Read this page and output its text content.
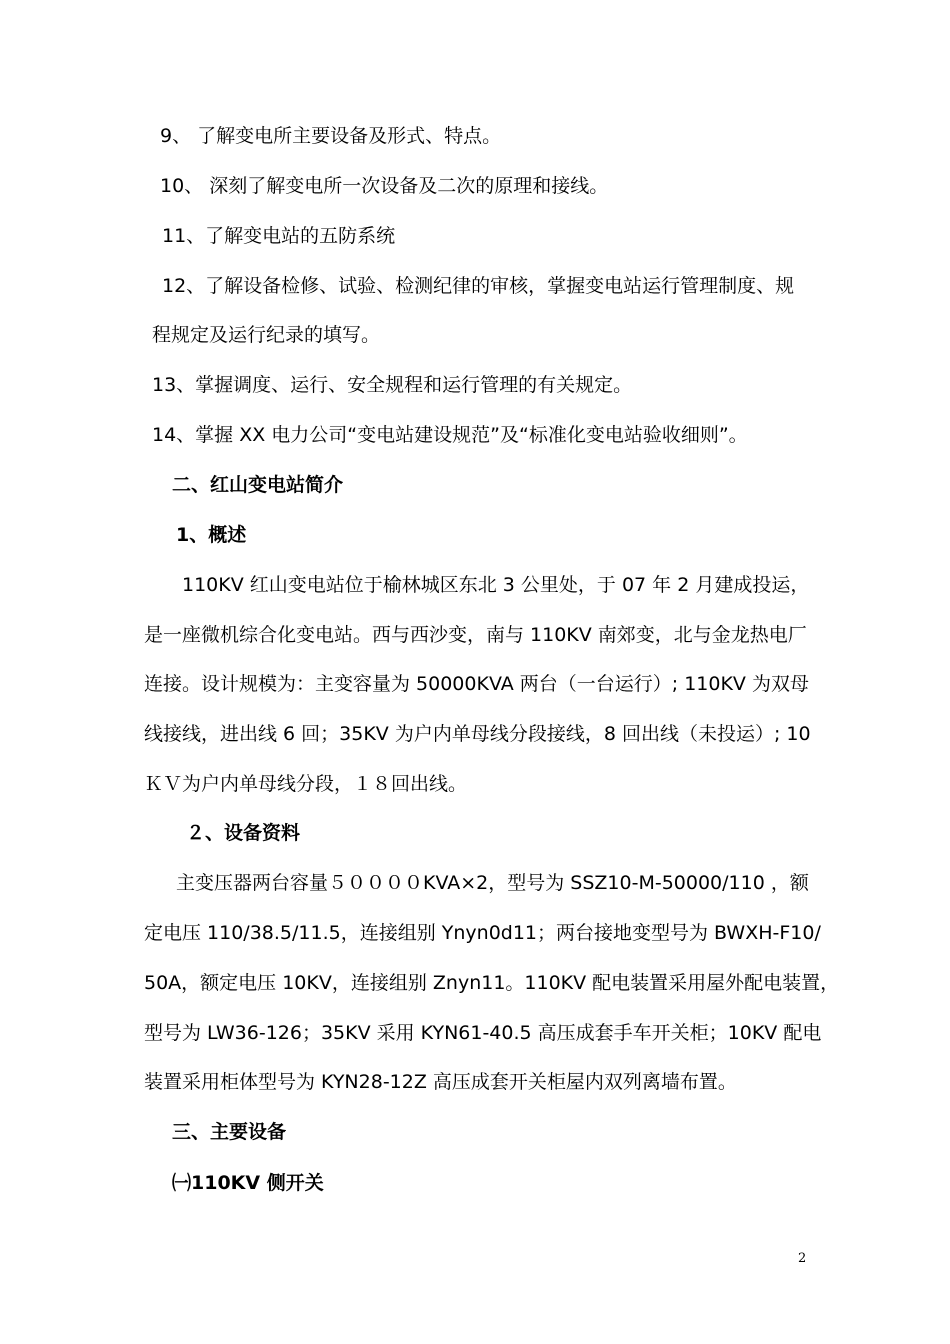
9、 了解变电所主要设备及形式、特点。
10、 深刻了解变电所一次设备及二次的原理和接线。
11、了解变电站的五防系统
12、了解设备检修、试验、检测纪律的审核，掌握变电站运行管理制度、规
程规定及运行纪录的填写。
13、掌握调度、运行、安全规程和运行管理的有关规定。
14、掌握 XX 电力公司“变电站建设规范”及“标准化变电站验收细则”。
二、红山变电站简介
1、概述
110KV 红山变电站位于榆林城区东北 3 公里处，于 07 年 2 月建成投运，
是一座微机综合化变电站。西与西沙变，南与 110KV 南郊变，北与金龙热电厂
连接。设计规模为：主变容量为 50000KVA 两台（一台运行）; 110KV 为双母
线接线，进出线 6 回；35KV 为户内单母线分段接线，8 回出线（未投运）; 10
ＫＶ为户内单母线分段，１８回出线。
２、设备资料
主变压器两台容量５００００KVA×2，型号为 SSZ10-M-50000/110 ，额
定电压 110/38.5/11.5，连接组别 Ynyn0d11；两台接地变型号为 BWXH-F10/
50A，额定电压 10KV，连接组别 Znyn11。110KV 配电装置采用屋外配电装置，
型号为 LW36-126；35KV 采用 KYN61-40.5 高压成套手车开关柜；10KV 配电
装置采用柜体型号为 KYN28-12Z 高压成套开关柜屋内双列离墙布置。
三、主要设备
㈠110KV 侧开关
2
